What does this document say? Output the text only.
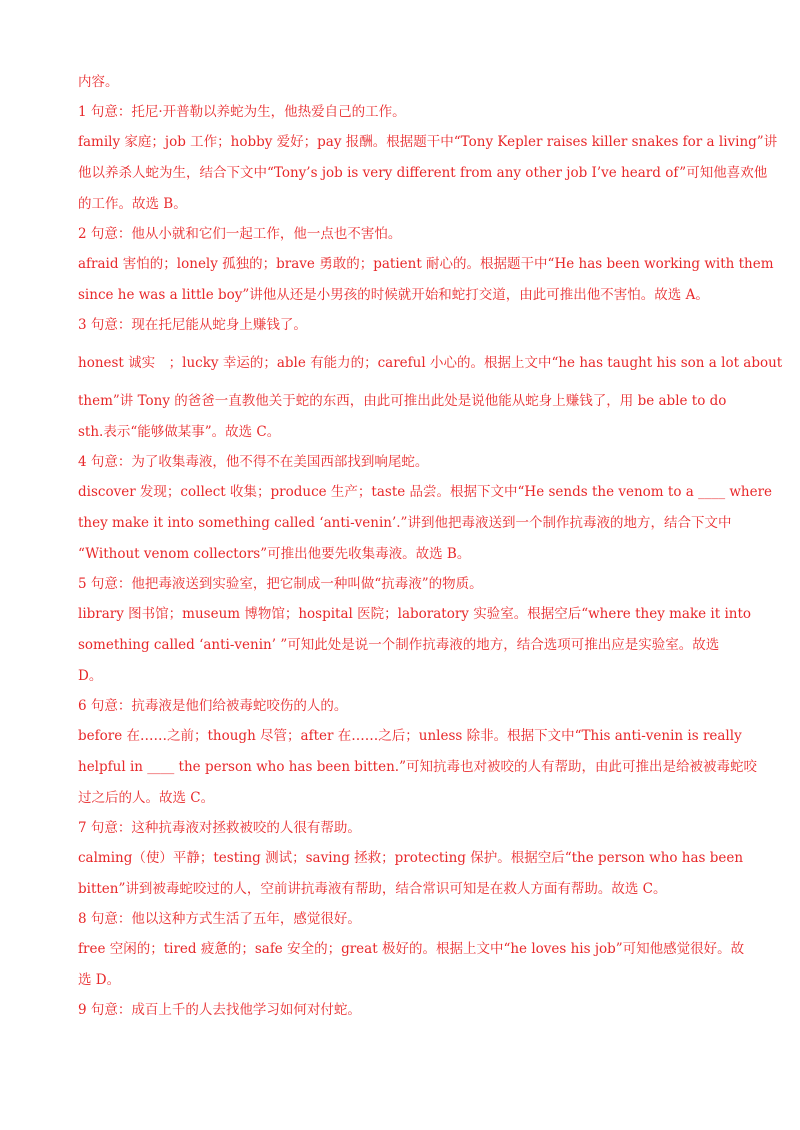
内容。

1 句意：托尼·开普勒以养蛇为生，他热爱自己的工作。

family 家庭；job 工作；hobby 爱好；pay 报酬。根据题干中“Tony Kepler raises killer snakes for a living”讲

他以养杀人蛇为生，结合下文中“Tony’s job is very different from any other job I’ve heard of”可知他喜欢他

的工作。故选 B。

2 句意：他从小就和它们一起工作，他一点也不害怕。

afraid 害怕的；lonely 孤独的；brave 勇敢的；patient 耐心的。根据题干中“He has been working with them

since he was a little boy”讲他从还是小男孩的时候就开始和蛇打交道，由此可推出他不害怕。故选 A。

3 句意：现在托尼能从蛇身上赚钱了。

honest 诚实　；lucky 幸运的；able 有能力的；careful 小心的。根据上文中“he has taught his son a lot about

them”讲 Tony 的爸爸一直教他关于蛇的东西，由此可推出此处是说他能从蛇身上赚钱了，用 be able to do

sth.表示“能够做某事”。故选 C。

4 句意：为了收集毒液，他不得不在美国西部找到响尾蛇。

discover 发现；collect 收集；produce 生产；taste 品尝。根据下文中“He sends the venom to a ____ where

they make it into something called ‘anti-venin’.”讲到他把毒液送到一个制作抗毒液的地方，结合下文中

“Without venom collectors”可推出他要先收集毒液。故选 B。

5 句意：他把毒液送到实验室，把它制成一种叫做“抗毒液”的物质。

library 图书馆；museum 博物馆；hospital 医院；laboratory 实验室。根据空后“where they make it into

something called ‘anti-venin’ ”可知此处是说一个制作抗毒液的地方，结合选项可推出应是实验室。故选

D。

6 句意：抗毒液是他们给被毒蛇咬伤的人的。

before 在……之前；though 尽管；after 在……之后；unless 除非。根据下文中“This anti-venin is really

helpful in ____ the person who has been bitten.”可知抗毒也对被咬的人有帮助，由此可推出是给被被毒蛇咬

过之后的人。故选 C。

7 句意：这种抗毒液对拯救被咬的人很有帮助。

calming（使）平静；testing 测试；saving 拯救；protecting 保护。根据空后“the person who has been

bitten”讲到被毒蛇咬过的人，空前讲抗毒液有帮助，结合常识可知是在救人方面有帮助。故选 C。

8 句意：他以这种方式生活了五年，感觉很好。

free 空闲的；tired 疲惫的；safe 安全的；great 极好的。根据上文中“he loves his job”可知他感觉很好。故

选 D。

9 句意：成百上千的人去找他学习如何对付蛇。
